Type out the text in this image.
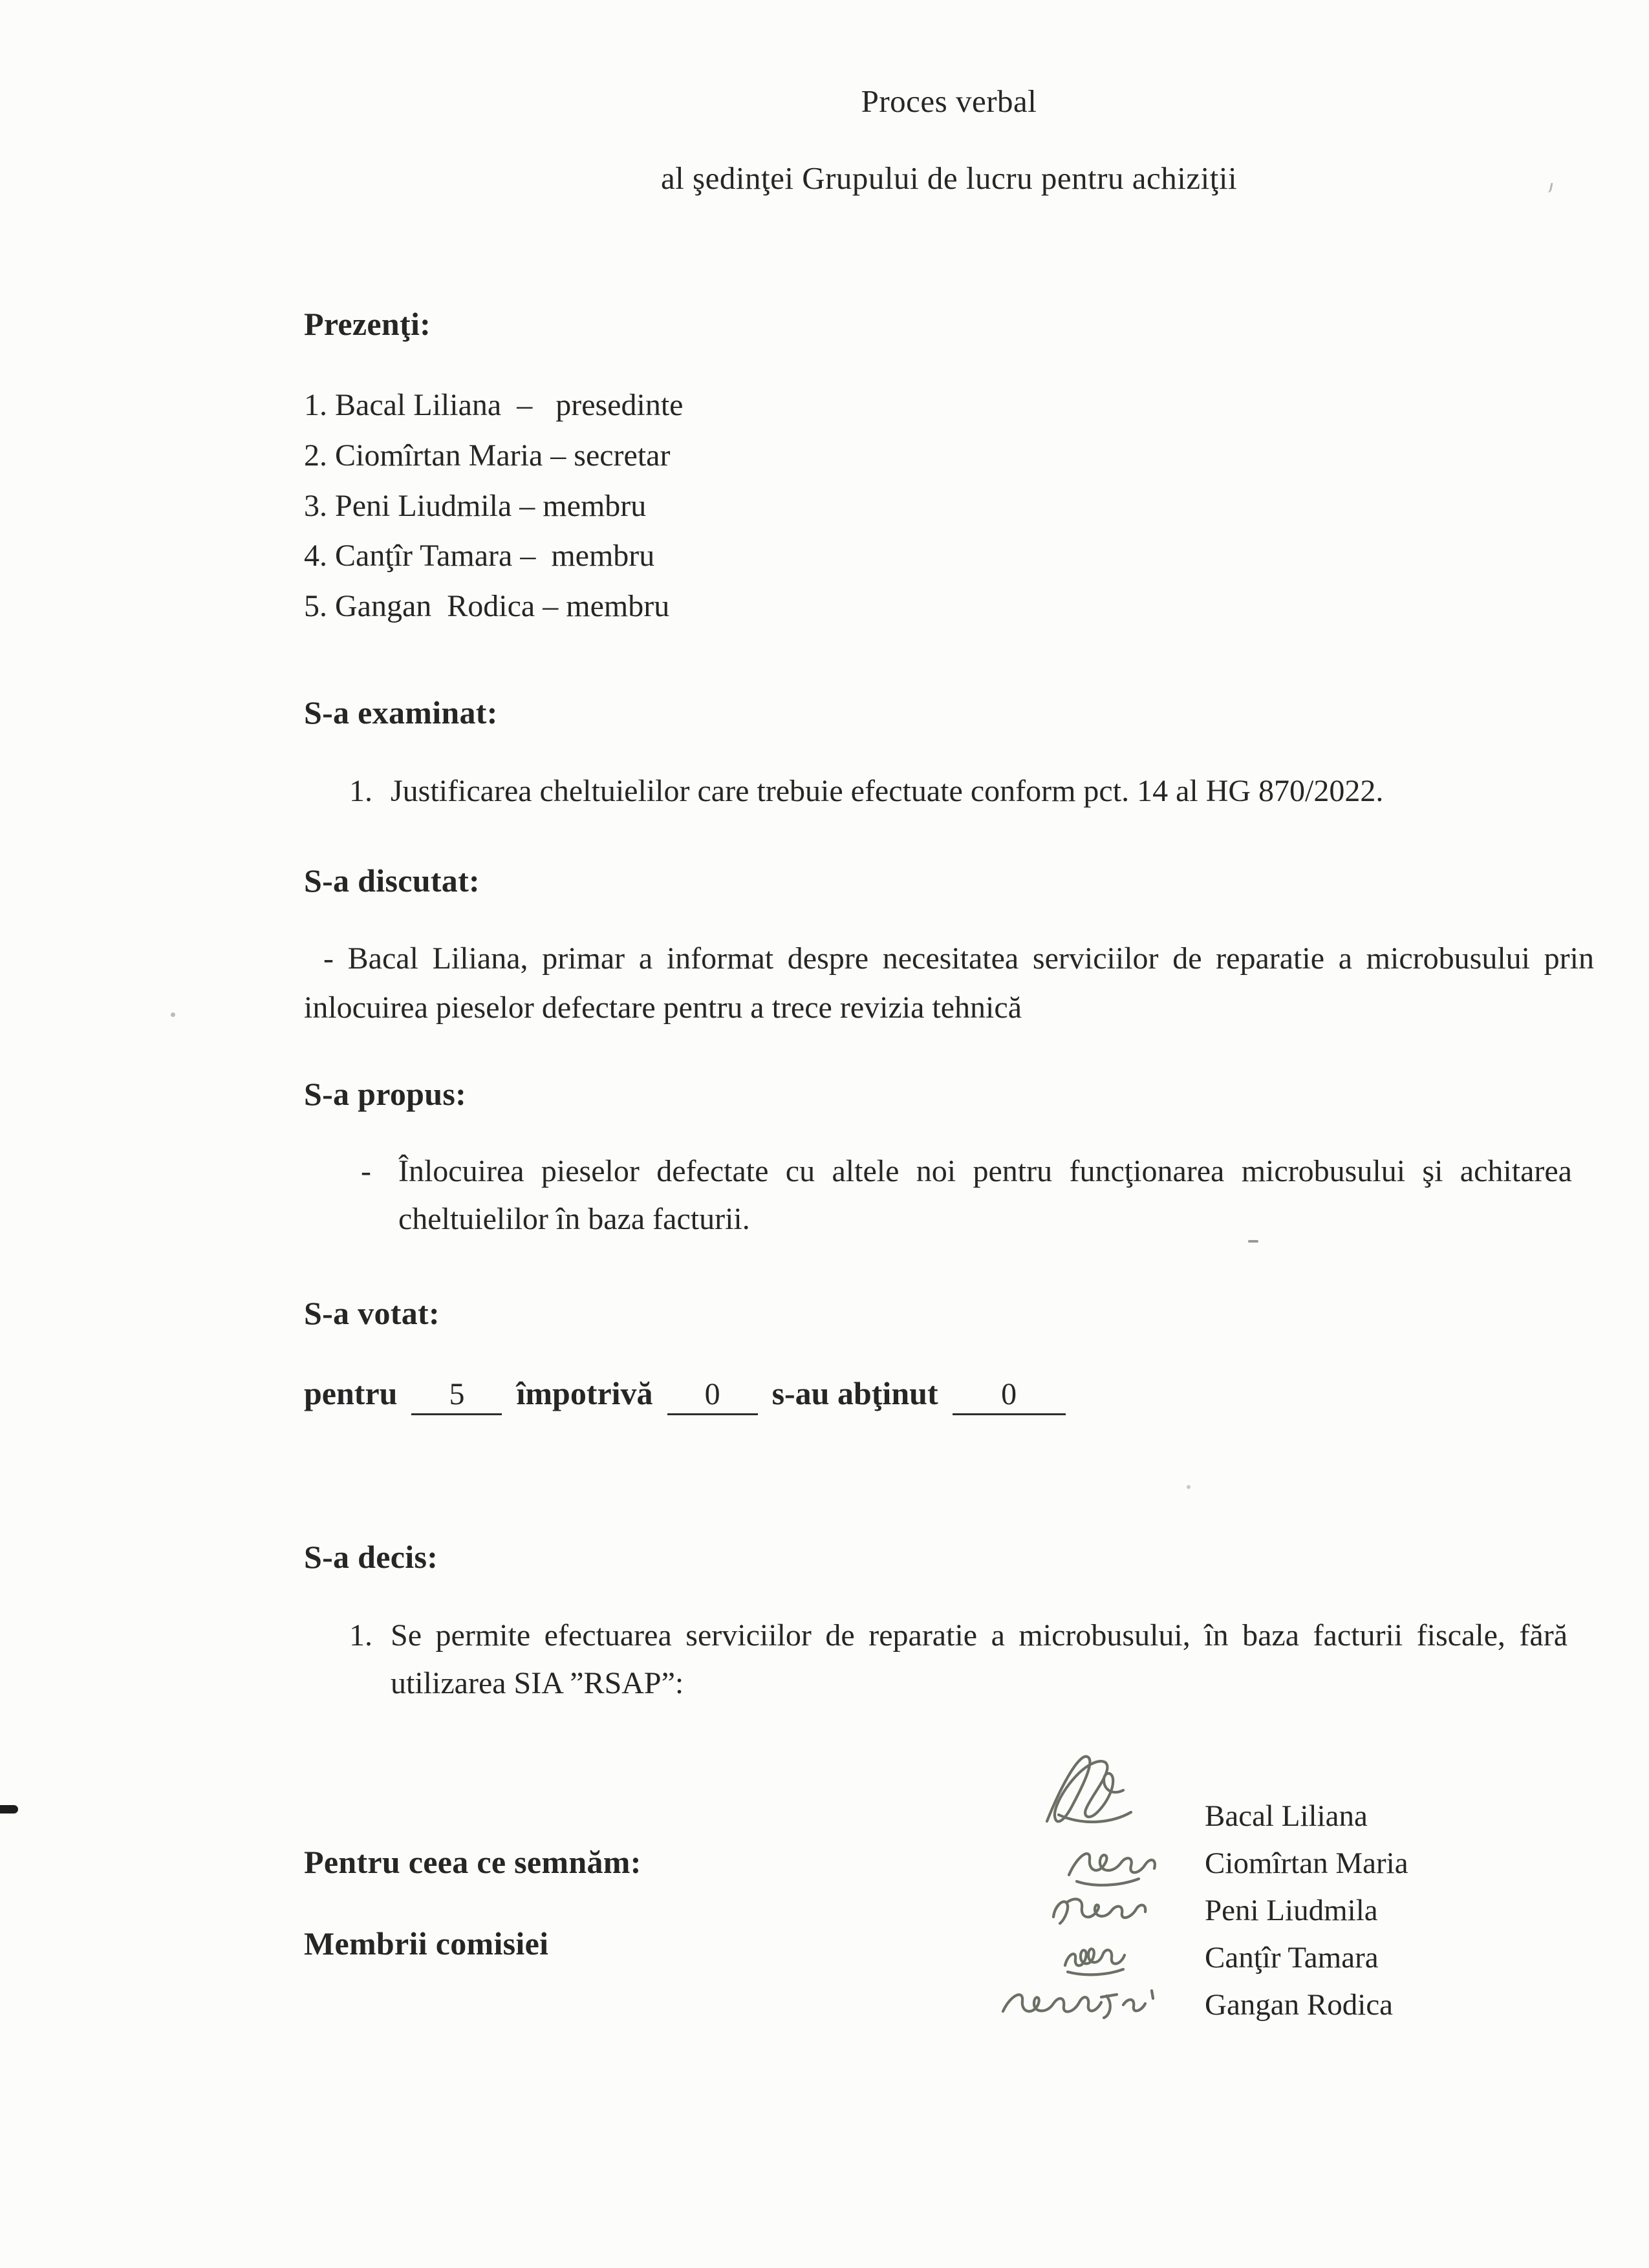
Proces verbal
al şedinţei Grupului de lucru pentru achiziţii
Prezenţi:
1. Bacal Liliana  –   presedinte
2. Ciomîrtan Maria – secretar
3. Peni Liudmila – membru
4. Canţîr Tamara –  membru
5. Gangan  Rodica – membru
S-a examinat:
1. Justificarea cheltuielilor care trebuie efectuate conform pct. 14 al HG 870/2022.
S-a discutat:
- Bacal Liliana, primar a informat despre necesitatea serviciilor de reparatie a microbusului prin inlocuirea pieselor defectare pentru a trece revizia tehnică
S-a propus:
- Înlocuirea pieselor defectate cu altele noi pentru funcţionarea microbusului şi achitarea cheltuielilor în baza facturii.
S-a votat:
pentru 5 împotrivă 0 s-au abţinut 0
S-a decis:
1. Se permite efectuarea serviciilor de reparatie a microbusului, în baza facturii fiscale, fără utilizarea SIA ”RSAP”:
Pentru ceea ce semnăm:
Membrii comisiei
Bacal Liliana
Ciomîrtan Maria
Peni Liudmila
Canţîr Tamara
Gangan Rodica
